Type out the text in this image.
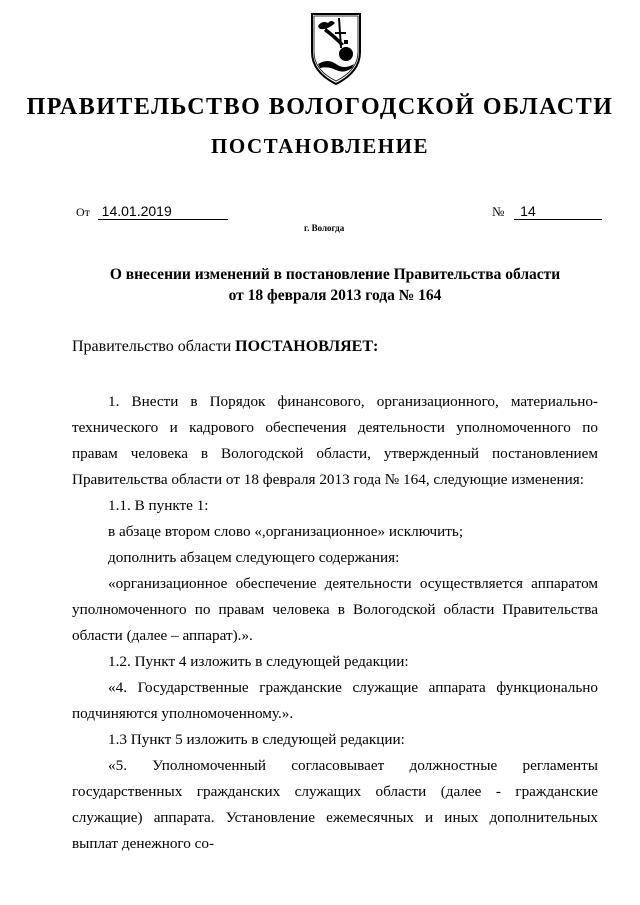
ПРАВИТЕЛЬСТВО ВОЛОГОДСКОЙ ОБЛАСТИ
ПОСТАНОВЛЕНИЕ
От 14.01.2019	№ 14
г. Вологда
О внесении изменений в постановление Правительства области
от 18 февраля 2013 года № 164
Правительство области ПОСТАНОВЛЯЕТ:

1. Внести в Порядок финансового, организационного, материально-технического и кадрового обеспечения деятельности уполномоченного по правам человека в Вологодской области, утвержденный постановлением Правительства области от 18 февраля 2013 года № 164, следующие изменения:

1.1. В пункте 1:

в абзаце втором слово «,организационное» исключить;

дополнить абзацем следующего содержания:

«организационное обеспечение деятельности осуществляется аппаратом уполномоченного по правам человека в Вологодской области Правительства области (далее – аппарат).».

1.2. Пункт 4 изложить в следующей редакции:

«4. Государственные гражданские служащие аппарата функционально подчиняются уполномоченному.».

1.3 Пункт 5 изложить в следующей редакции:

«5. Уполномоченный согласовывает должностные регламенты государственных гражданских служащих области (далее - гражданские служащие) аппарата. Установление ежемесячных и иных дополнительных выплат денежного со-
